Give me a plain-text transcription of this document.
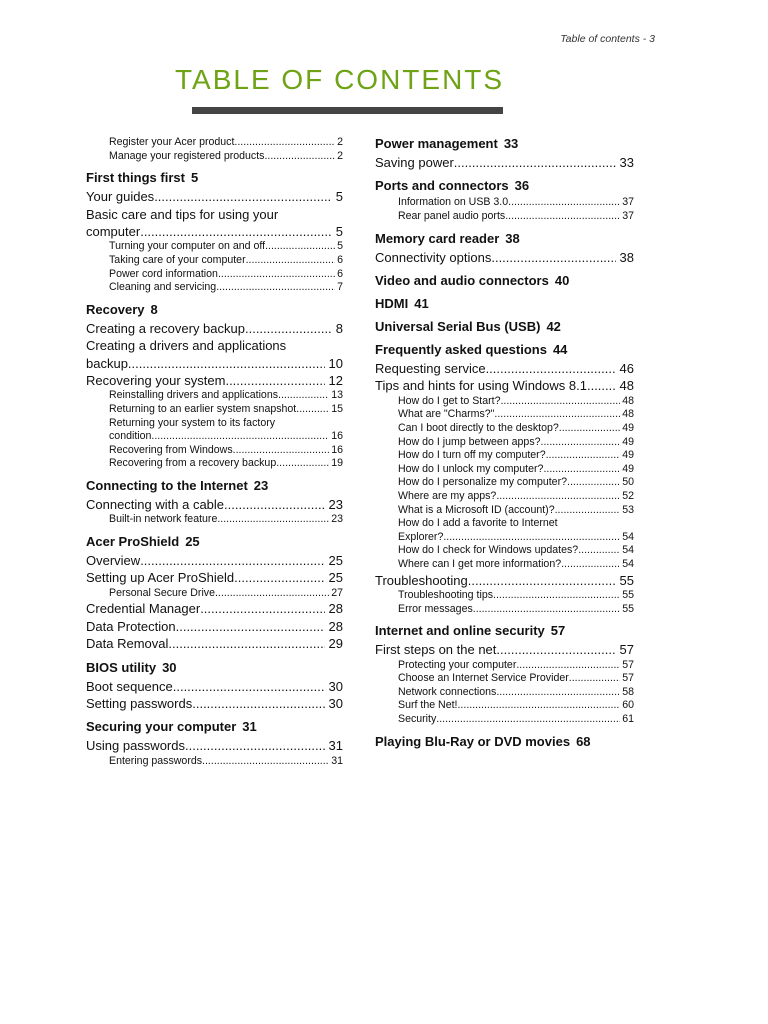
Table of contents - 3
TABLE OF CONTENTS
Register your Acer product .....	2
Manage your registered products .....	2
First things first 5
Your guides .....	5
Basic care and tips for using your
computer .....	5
Turning your computer on and off .....	5
Taking care of your computer .....	6
Power cord information .....	6
Cleaning and servicing .....	7
Recovery 8
Creating a recovery backup .....	8
Creating a drivers and applications
backup .....	10
Recovering your system .....	12
Reinstalling drivers and applications .....	13
Returning to an earlier system snapshot .....	15
Returning your system to its factory
condition .....	16
Recovering from Windows .....	16
Recovering from a recovery backup .....	19
Connecting to the Internet 23
Connecting with a cable .....	23
Built-in network feature .....	23
Acer ProShield 25
Overview .....	25
Setting up Acer ProShield .....	25
Personal Secure Drive .....	27
Credential Manager .....	28
Data Protection .....	28
Data Removal .....	29
BIOS utility 30
Boot sequence .....	30
Setting passwords .....	30
Securing your computer 31
Using passwords .....	31
Entering passwords .....	31
Power management 33
Saving power .....	33
Ports and connectors 36
Information on USB 3.0 .....	37
Rear panel audio ports .....	37
Memory card reader 38
Connectivity options .....	38
Video and audio connectors 40
HDMI 41
Universal Serial Bus (USB) 42
Frequently asked questions 44
Requesting service .....	46
Tips and hints for using Windows 8.1 .....	48
How do I get to Start? .....	48
What are "Charms?" .....	48
Can I boot directly to the desktop? .....	49
How do I jump between apps? .....	49
How do I turn off my computer? .....	49
How do I unlock my computer? .....	49
How do I personalize my computer? .....	50
Where are my apps? .....	52
What is a Microsoft ID (account)? .....	53
How do I add a favorite to Internet
Explorer? .....	54
How do I check for Windows updates? .....	54
Where can I get more information? .....	54
Troubleshooting .....	55
Troubleshooting tips .....	55
Error messages .....	55
Internet and online security 57
First steps on the net .....	57
Protecting your computer .....	57
Choose an Internet Service Provider .....	57
Network connections .....	58
Surf the Net! .....	60
Security .....	61
Playing Blu-Ray or DVD movies 68
